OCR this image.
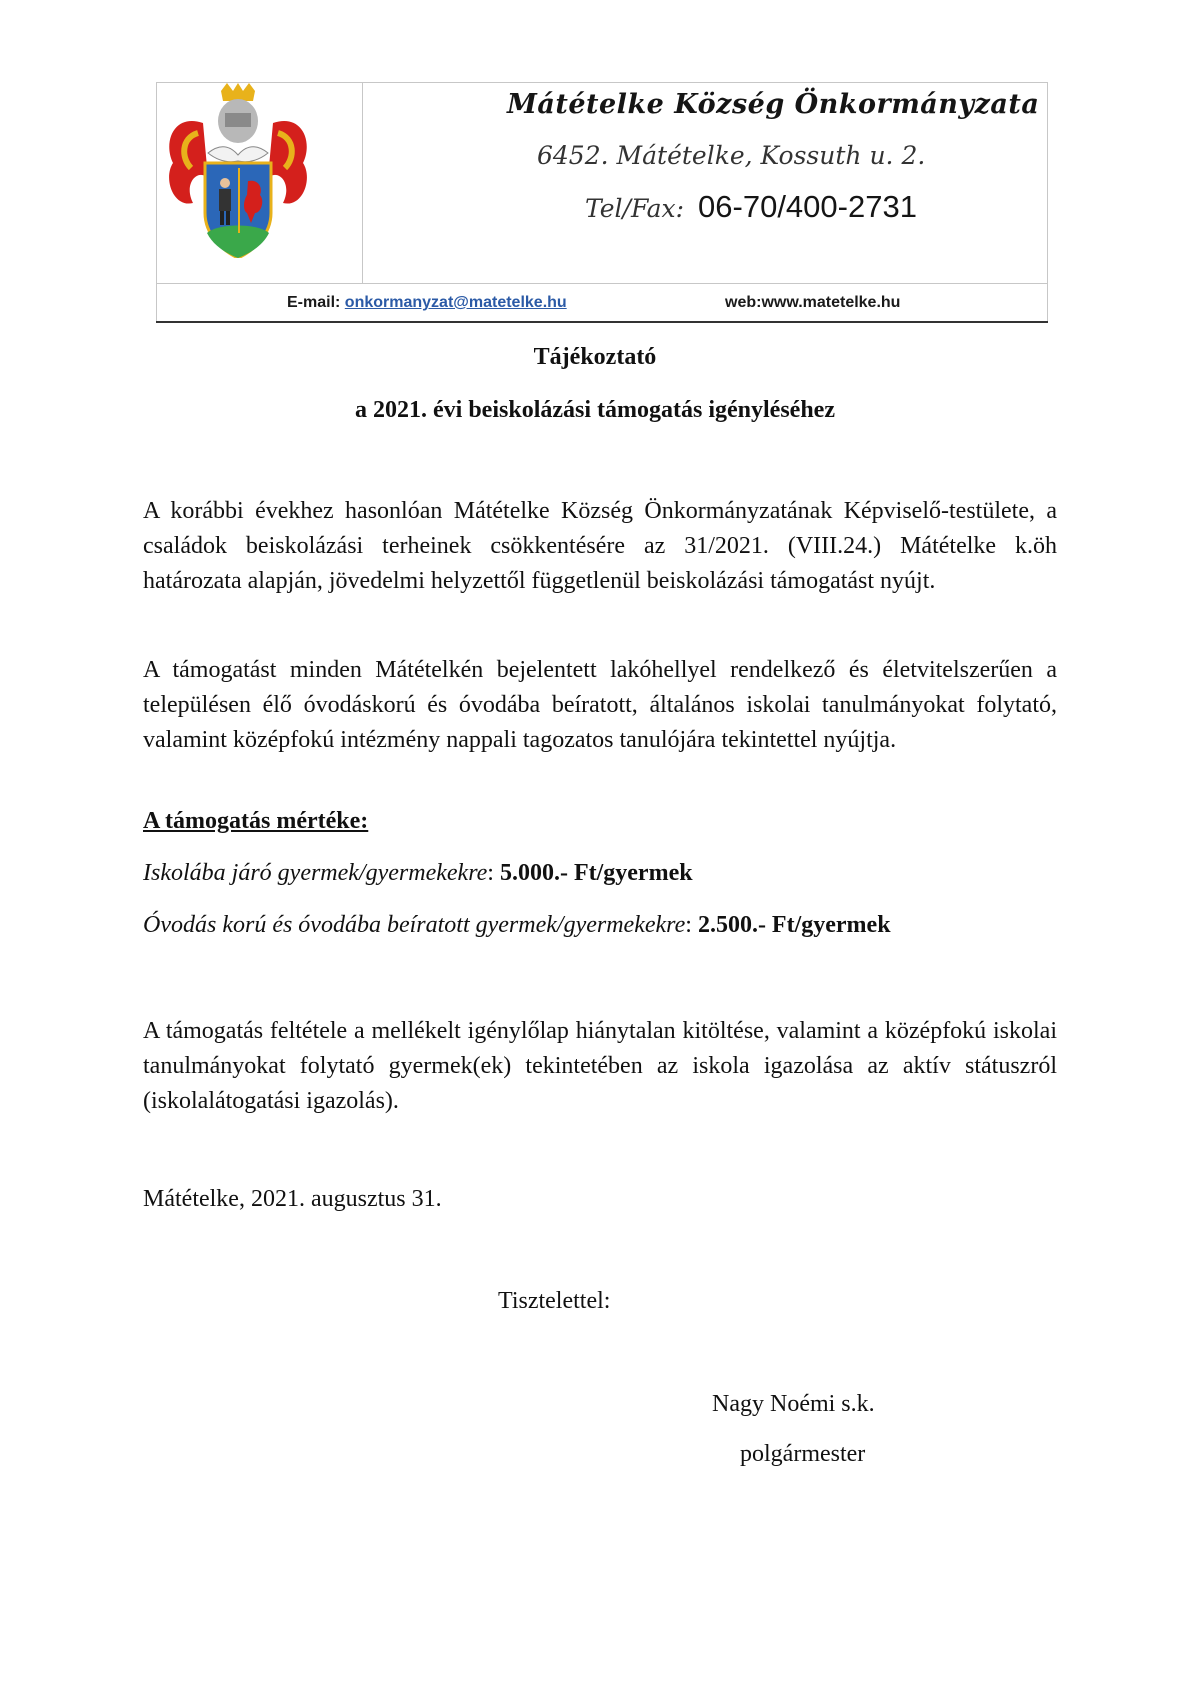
Mátételke Község Önkormányzata
6452. Mátételke, Kossuth u. 2.
Tel/Fax: 06-70/400-2731
E-mail: onkormanyzat@matetelke.hu	web:www.matetelke.hu
Tájékoztató
a 2021. évi beiskolázási támogatás igényléséhez

A korábbi évekhez hasonlóan Mátételke Község Önkormányzatának Képviselő-testülete, a családok beiskolázási terheinek csökkentésére az 31/2021. (VIII.24.) Mátételke k.öh határozata alapján, jövedelmi helyzettől függetlenül beiskolázási támogatást nyújt.

A támogatást minden Mátételkén bejelentett lakóhellyel rendelkező és életvitelszerűen a településen élő óvodáskorú és óvodába beíratott, általános iskolai tanulmányokat folytató, valamint középfokú intézmény nappali tagozatos tanulójára tekintettel nyújtja.

A támogatás mértéke:
Iskolába járó gyermek/gyermekekre: 5.000.- Ft/gyermek
Óvodás korú és óvodába beíratott gyermek/gyermekekre: 2.500.- Ft/gyermek

A támogatás feltétele a mellékelt igénylőlap hiánytalan kitöltése, valamint a középfokú iskolai tanulmányokat folytató gyermek(ek) tekintetében az iskola igazolása az aktív státuszról (iskolalátogatási igazolás).

Mátételke, 2021. augusztus 31.
Tisztelettel:
Nagy Noémi s.k.
polgármester
